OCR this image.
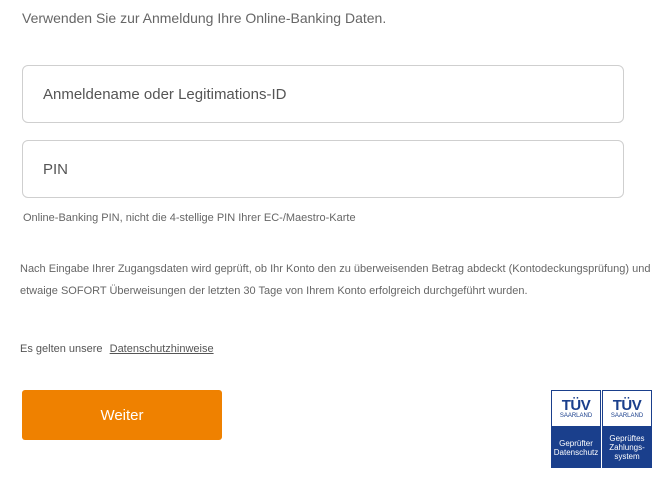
Verwenden Sie zur Anmeldung Ihre Online-Banking Daten.
Anmeldename oder Legitimations-ID
Online-Banking PIN, nicht die 4-stellige PIN Ihrer EC-/Maestro-Karte
Nach Eingabe Ihrer Zugangsdaten wird geprüft, ob Ihr Konto den zu überweisenden Betrag abdeckt (Kontodeckungsprüfung) und etwaige SOFORT Überweisungen der letzten 30 Tage von Ihrem Konto erfolgreich durchgeführt wurden.
Es gelten unsere Datenschutzhinweise
Weiter
TÜV
SAARLAND
Geprüfter
Datenschutz
TÜV
SAARLAND
Geprüftes
Zahlungs-
system
